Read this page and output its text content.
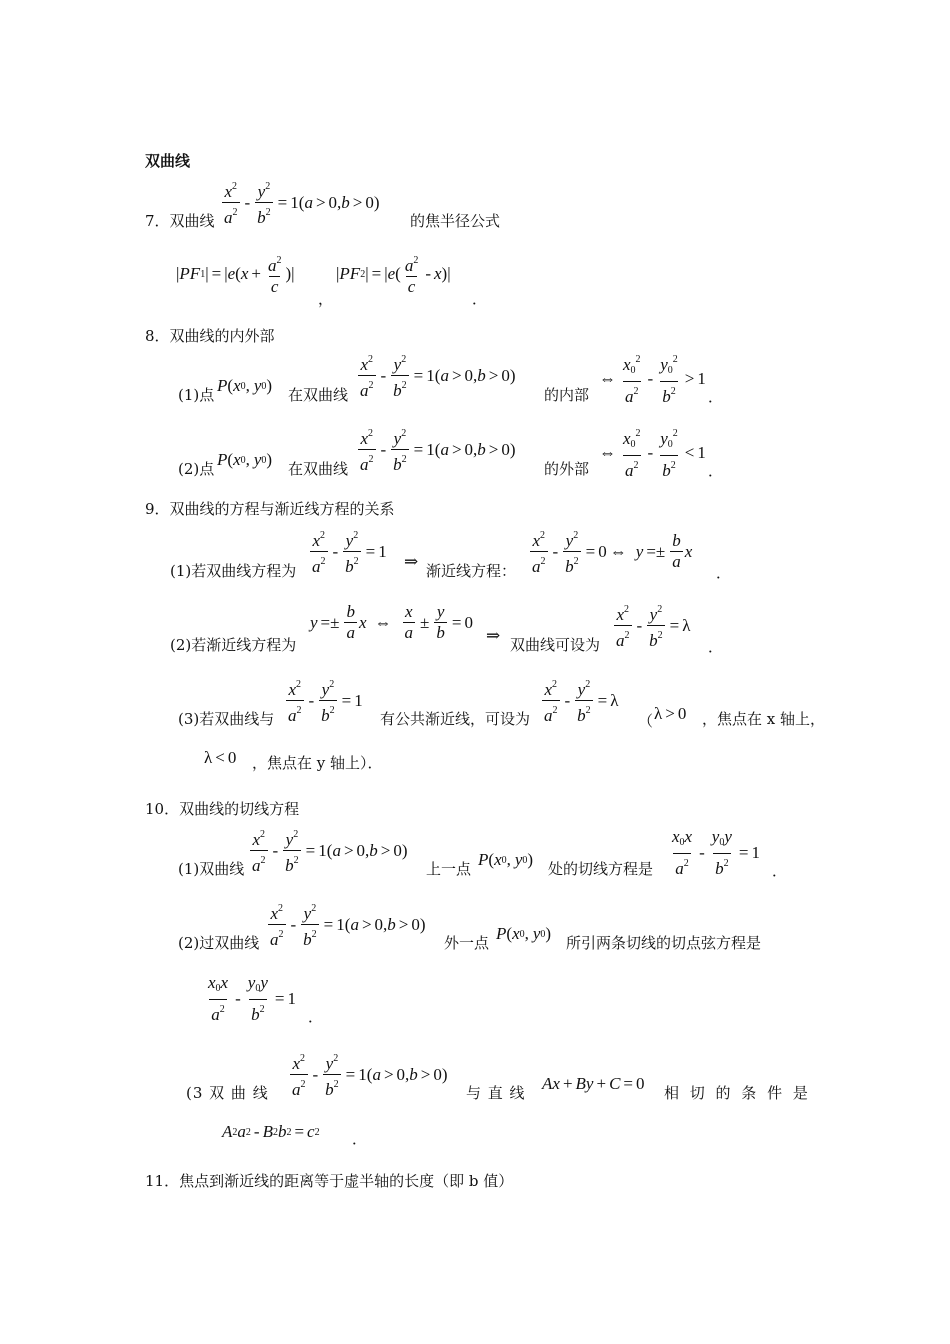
双曲线
7．双曲线
$x^2$
$a^2$
- $\frac{y^2}{b^2} = 1$( a > 0, b > 0)
的焦半径公式
| PF 1 | = | e ( $x + \frac{a^2}{c}$ )|
，
| PF 2 | = | e ( $a^2$
c
- x )|
．
8．双曲线的内外部
(1)点 P ( x 0 , y 0 ) 在双曲线
$x^2$
$a^2$
- $\frac{y^2}{b^2} = 1$( a > 0, b > 0)
的内部
⇔
$x_0^2$
$a^2$
-
$y_0^2$
$b^2$
> 1
．
(2)点 P ( x 0 , y 0 ) 在双曲线
$x^2$
$a^2$
- $\frac{y^2}{b^2} = 1$( a > 0, b > 0)
的外部
⇔
$x_0^2$
$a^2$
-
$y_0^2$
$b^2$
< 1
．
9．双曲线的方程与渐近线方程的关系
(1)若双曲线方程为
$x^2$
$a^2$
- $\frac{y^2}{b^2} = 1$
⇒ 渐近线方程：
$x^2$
$a^2$
- $\frac{y^2}{b^2} = 0$ ⇔ $y =\pm \frac{b}{a}$ x
．
(2)若渐近线方程为
$y =\pm \frac{b}{a}$ x ⇔
x
a
± $\frac{y}{b} = 0$
⇒ 双曲线可设为
$x^2$
$a^2$
- $\frac{y^2}{b^2} = \lambda$
．
(3)若双曲线与
$x^2$
$a^2$
- $\frac{y^2}{b^2} = 1$
有公共渐近线，可设为
$x^2$
$a^2$
- $\frac{y^2}{b^2} = \lambda$
（ λ > 0 ，焦点在 x 轴上，
λ < 0 ，焦点在 y 轴上）．
10．双曲线的切线方程
(1)双曲线
$x^2$
$a^2$
- $\frac{y^2}{b^2} = 1$( a > 0, b > 0)
上一点 P ( x 0 , y 0 ) 处的切线方程是
$x_0x$
$a^2$
- $\frac{y_0y}{b^2} = 1$
．
(2)过双曲线
$x^2$
$a^2$
- $\frac{y^2}{b^2} = 1$( a > 0, b > 0)
外一点 P ( x 0 , y 0 ) 所引两条切线的切点弦方程是
$x_0x$
$a^2$
- $\frac{y_0y}{b^2} = 1$
．
(3 双 曲 线
$x^2$
$a^2$
- $\frac{y^2}{b^2} = 1$( a > 0, b > 0)
与 直 线 Ax + By + C = 0 相 切 的 条 件 是
A 2 a 2 - B 2 b 2 = c 2 ．
11．焦点到渐近线的距离等于虚半轴的长度（即 b 值）
